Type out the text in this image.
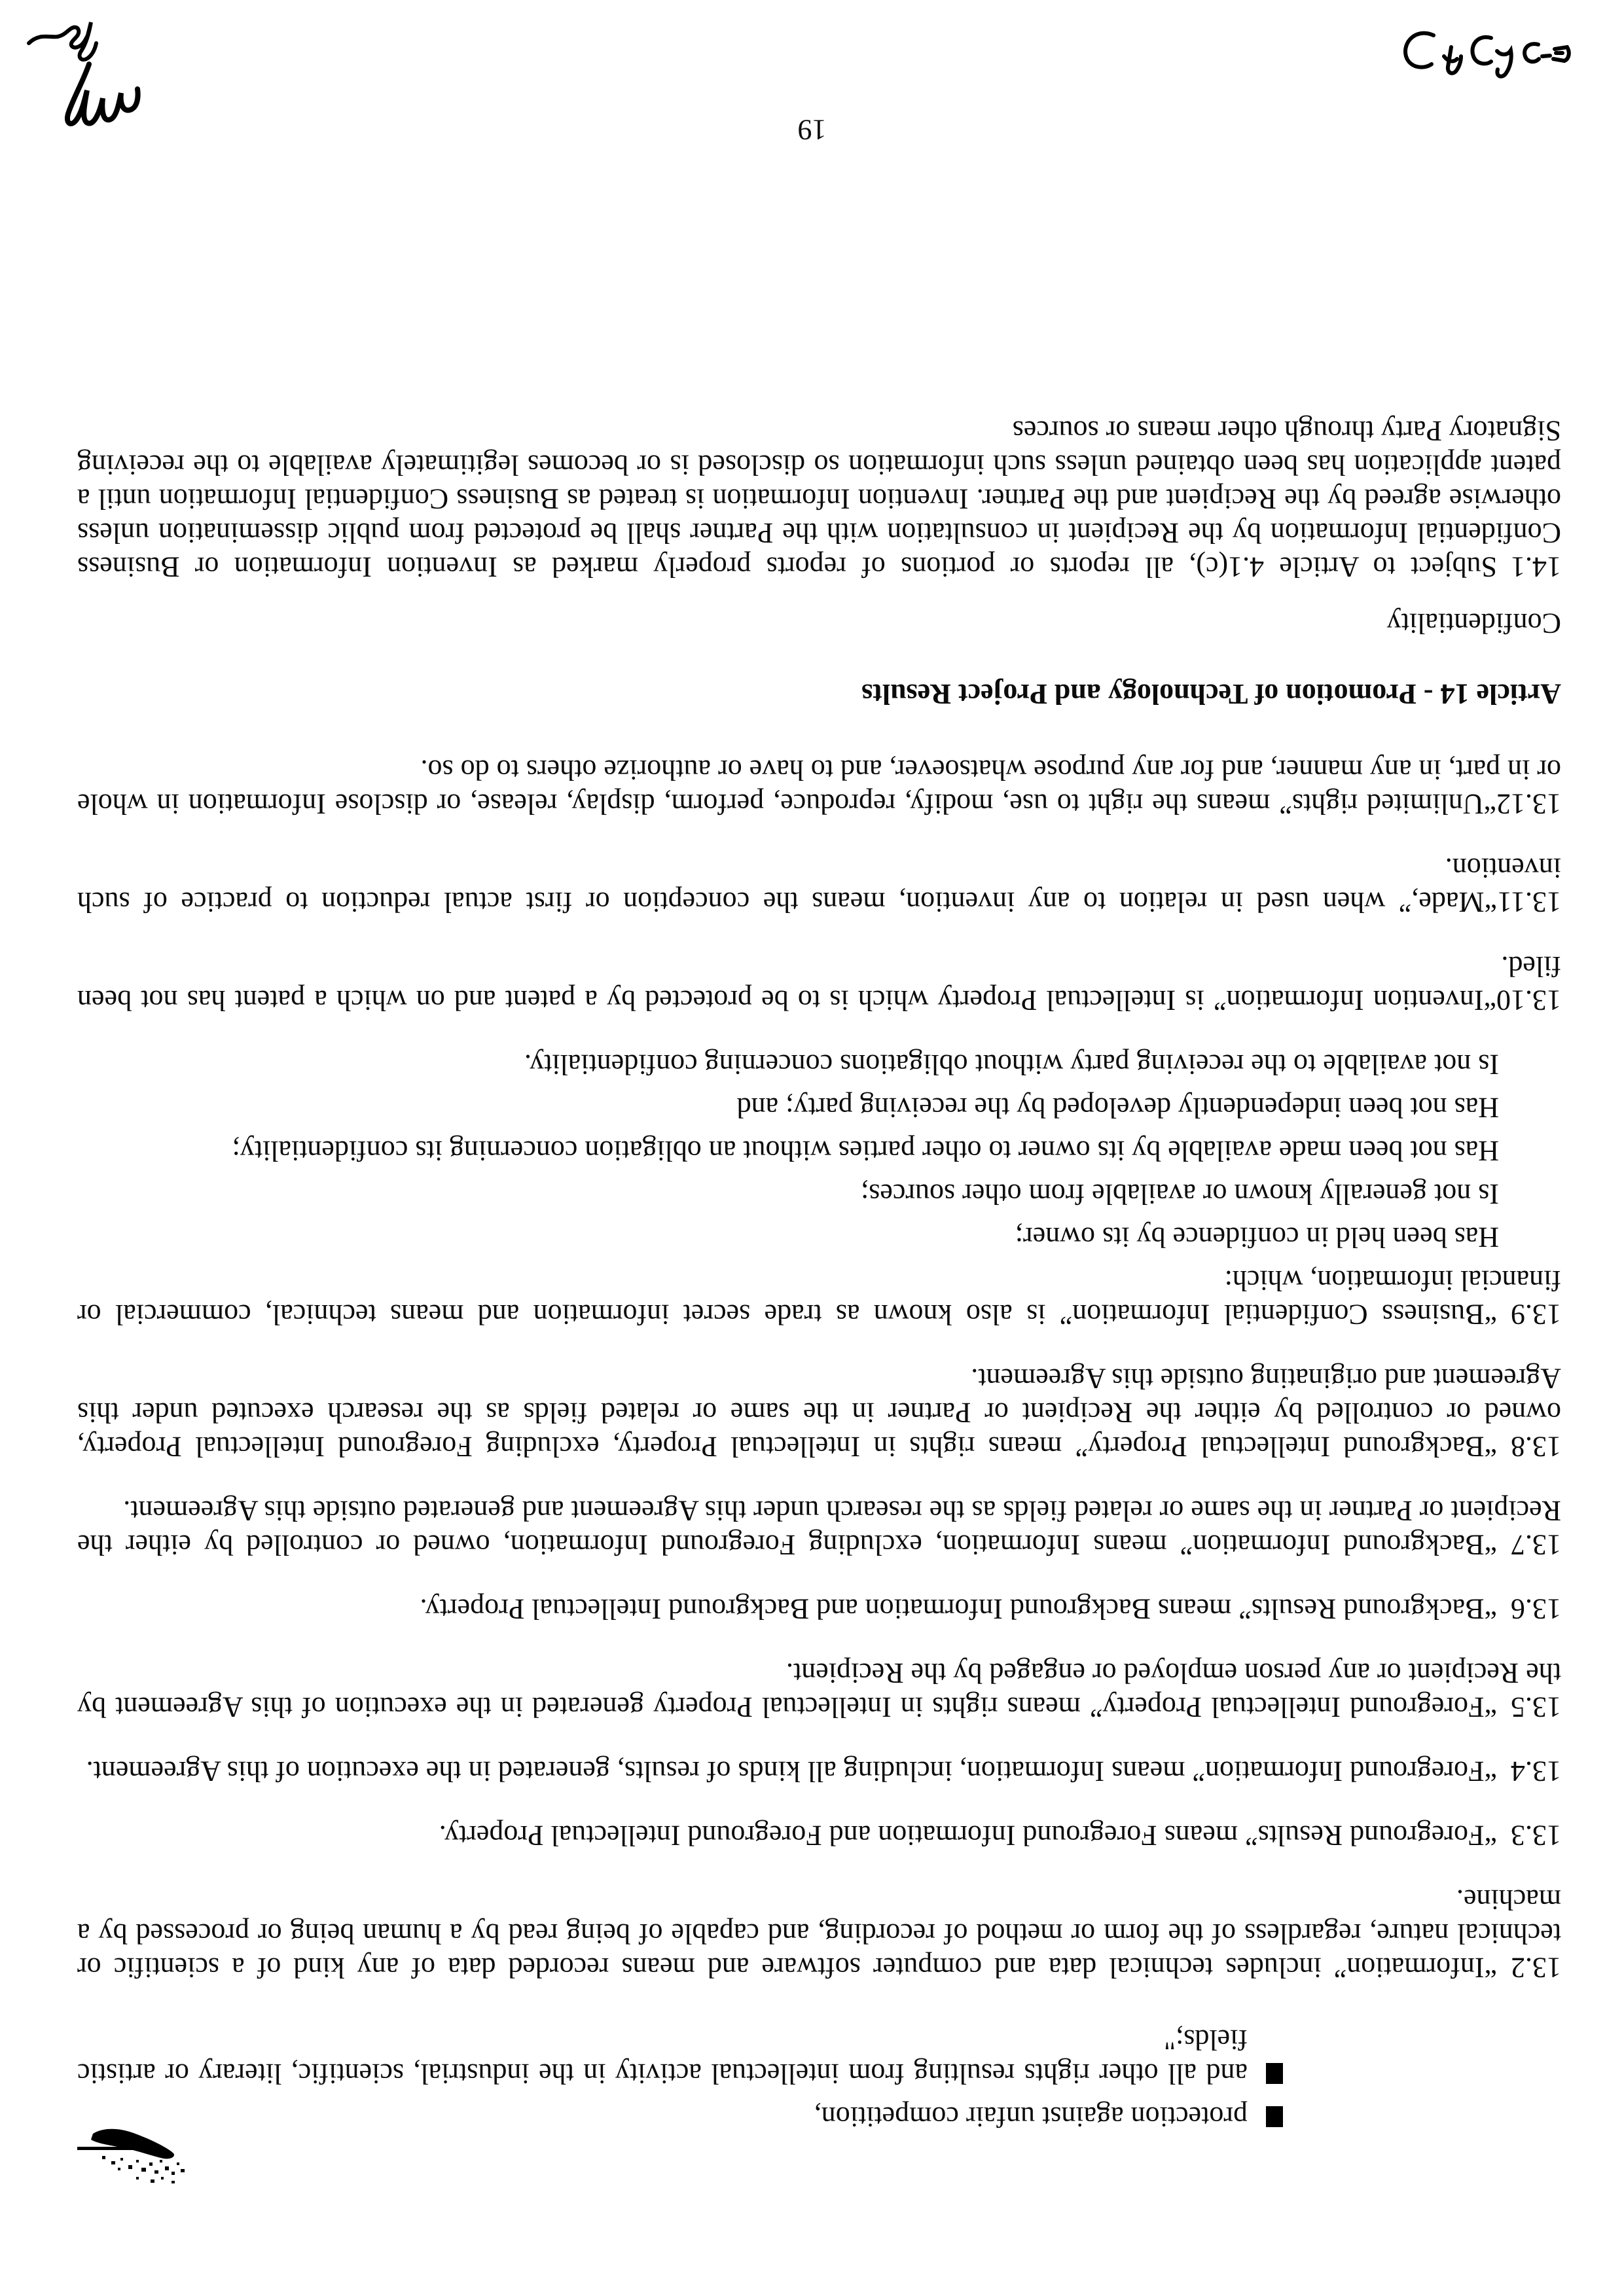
protection against unfair competition,
and all other rights resulting from intellectual activity in the industrial, scientific, literary or artistic fields;"

13.2“Information” includes technical data and computer software and means recorded data of any kind of a scientific or technical nature, regardless of the form or method of recording, and capable of being read by a human being or processed by a machine.

13.3“Foreground Results” means Foreground Information and Foreground Intellectual Property.

13.4“Foreground Information” means Information, including all kinds of results, generated in the execution of this Agreement.

13.5“Foreground Intellectual Property” means rights in Intellectual Property generated in the execution of this Agreement by the Recipient or any person employed or engaged by the Recipient.

13.6“Background Results” means Background Information and Background Intellectual Property.

13.7“Background Information” means Information, excluding Foreground Information, owned or controlled by either the Recipient or Partner in the same or related fields as the research under this Agreement and generated outside this Agreement.

13.8“Background Intellectual Property” means rights in Intellectual Property, excluding Foreground Intellectual Property, owned or controlled by either the Recipient or Partner in the same or related fields as the research executed under this Agreement and originating outside this Agreement.

13.9“Business Confidential Information” is also known as trade secret information and means technical, commercial or financial information, which:

Has been held in confidence by its owner;

Is not generally known or available from other sources;

Has not been made available by its owner to other parties without an obligation concerning its confidentiality;

Has not been independently developed by the receiving party; and

Is not available to the receiving party without obligations concerning confidentiality.

13.10“Invention Information” is Intellectual Property which is to be protected by a patent and on which a patent has not been filed.

13.11“Made,” when used in relation to any invention, means the conception or first actual reduction to practice of such invention.

13.12“Unlimited rights” means the right to use, modify, reproduce, perform, display, release, or disclose Information in whole or in part, in any manner, and for any purpose whatsoever, and to have or authorize others to do so.

Article 14 - Promotion of Technology and Project Results

Confidentiality

14.1Subject to Article 4.1(c), all reports or portions of reports properly marked as Invention Information or Business Confidential Information by the Recipient in consultation with the Partner shall be protected from public dissemination unless otherwise agreed by the Recipient and the Partner. Invention Information is treated as Business Confidential Information until a patent application has been obtained unless such information so disclosed is or becomes legitimately available to the receiving Signatory Party through other means or sources

19
